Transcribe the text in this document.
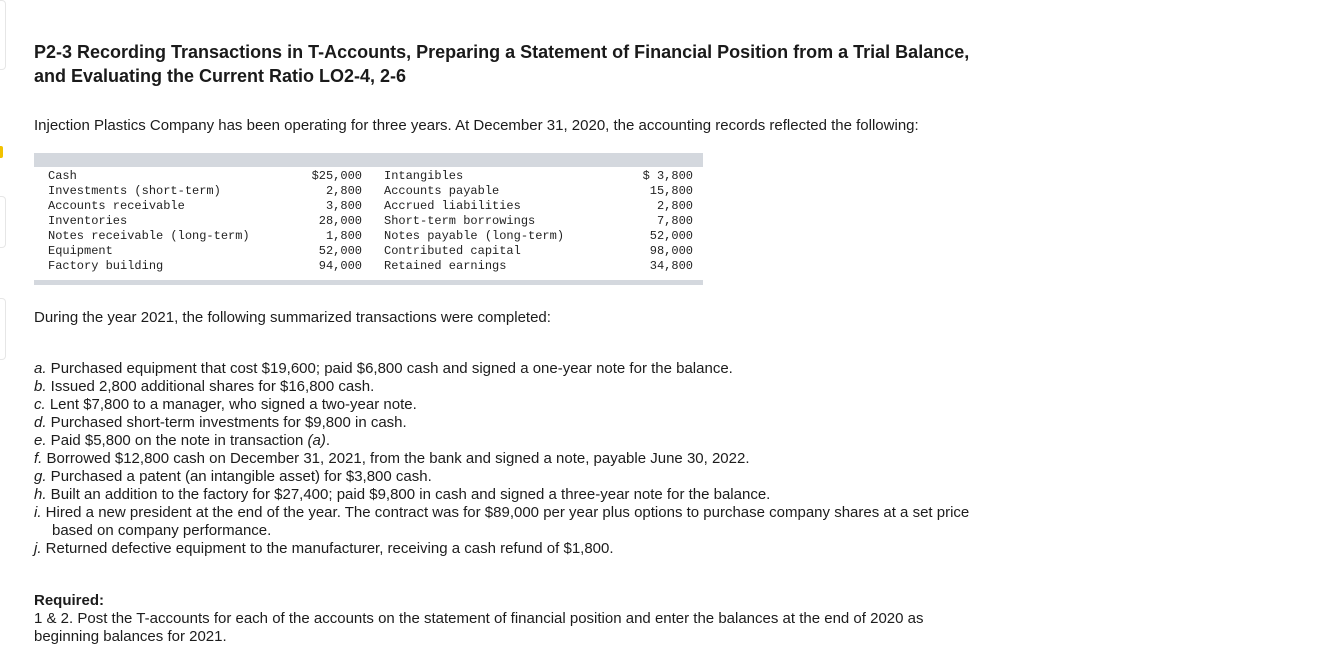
P2-3 Recording Transactions in T-Accounts, Preparing a Statement of Financial Position from a Trial Balance, and Evaluating the Current Ratio LO2-4, 2-6

Injection Plastics Company has been operating for three years. At December 31, 2020, the accounting records reflected the following:

Cash	$25,000 Intangibles	$ 3,800
Investments (short-term)	2,800 Accounts payable	15,800
Accounts receivable	3,800 Accrued liabilities	2,800
Inventories	28,000 Short-term borrowings	7,800
Notes receivable (long-term)	1,800 Notes payable (long-term)	52,000
Equipment	52,000 Contributed capital	98,000
Factory building	94,000 Retained earnings	34,800

During the year 2021, the following summarized transactions were completed:

a. Purchased equipment that cost $19,600; paid $6,800 cash and signed a one-year note for the balance.
b. Issued 2,800 additional shares for $16,800 cash.
c. Lent $7,800 to a manager, who signed a two-year note.
d. Purchased short-term investments for $9,800 in cash.
e. Paid $5,800 on the note in transaction (a).
f. Borrowed $12,800 cash on December 31, 2021, from the bank and signed a note, payable June 30, 2022.
g. Purchased a patent (an intangible asset) for $3,800 cash.
h. Built an addition to the factory for $27,400; paid $9,800 in cash and signed a three-year note for the balance.
i. Hired a new president at the end of the year. The contract was for $89,000 per year plus options to purchase company shares at a set price based on company performance.
j. Returned defective equipment to the manufacturer, receiving a cash refund of $1,800.

Required:

1 & 2. Post the T-accounts for each of the accounts on the statement of financial position and enter the balances at the end of 2020 as beginning balances for 2021.
